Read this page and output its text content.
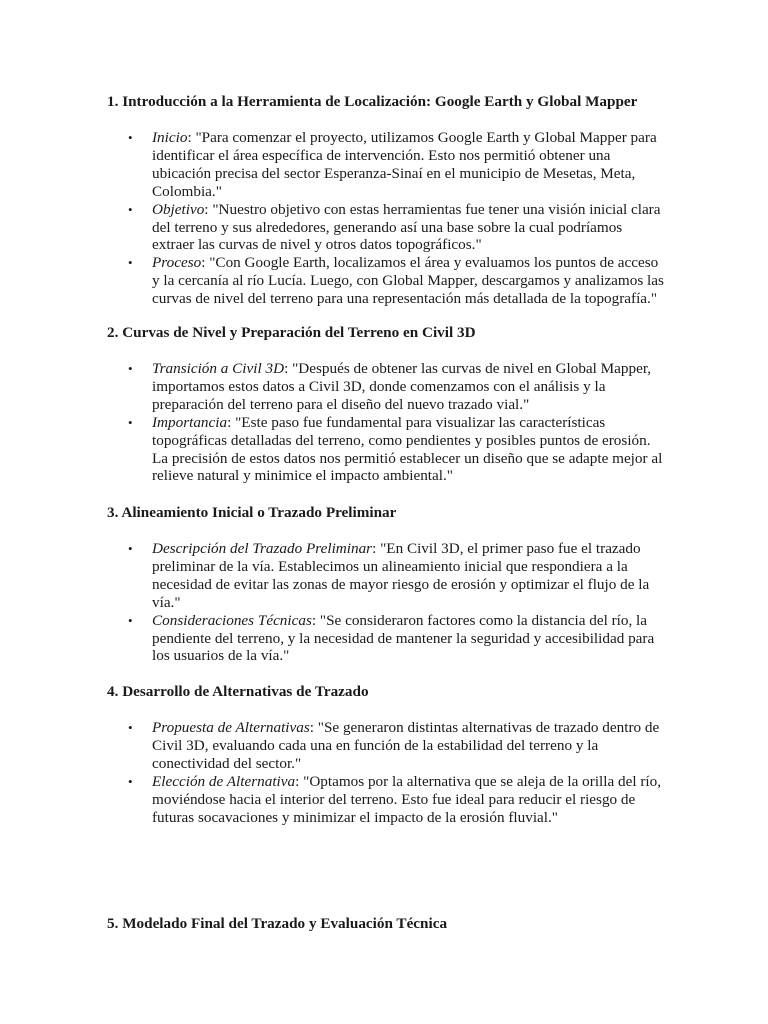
1. Introducción a la Herramienta de Localización: Google Earth y Global Mapper
• Inicio: "Para comenzar el proyecto, utilizamos Google Earth y Global Mapper para identificar el área específica de intervención. Esto nos permitió obtener una ubicación precisa del sector Esperanza-Sinaí en el municipio de Mesetas, Meta, Colombia."
• Objetivo: "Nuestro objetivo con estas herramientas fue tener una visión inicial clara del terreno y sus alrededores, generando así una base sobre la cual podríamos extraer las curvas de nivel y otros datos topográficos."
• Proceso: "Con Google Earth, localizamos el área y evaluamos los puntos de acceso y la cercanía al río Lucía. Luego, con Global Mapper, descargamos y analizamos las curvas de nivel del terreno para una representación más detallada de la topografía."
2. Curvas de Nivel y Preparación del Terreno en Civil 3D
• Transición a Civil 3D: "Después de obtener las curvas de nivel en Global Mapper, importamos estos datos a Civil 3D, donde comenzamos con el análisis y la preparación del terreno para el diseño del nuevo trazado vial."
• Importancia: "Este paso fue fundamental para visualizar las características topográficas detalladas del terreno, como pendientes y posibles puntos de erosión. La precisión de estos datos nos permitió establecer un diseño que se adapte mejor al relieve natural y minimice el impacto ambiental."
3. Alineamiento Inicial o Trazado Preliminar
• Descripción del Trazado Preliminar: "En Civil 3D, el primer paso fue el trazado preliminar de la vía. Establecimos un alineamiento inicial que respondiera a la necesidad de evitar las zonas de mayor riesgo de erosión y optimizar el flujo de la vía."
• Consideraciones Técnicas: "Se consideraron factores como la distancia del río, la pendiente del terreno, y la necesidad de mantener la seguridad y accesibilidad para los usuarios de la vía."
4. Desarrollo de Alternativas de Trazado
• Propuesta de Alternativas: "Se generaron distintas alternativas de trazado dentro de Civil 3D, evaluando cada una en función de la estabilidad del terreno y la conectividad del sector."
• Elección de Alternativa: "Optamos por la alternativa que se aleja de la orilla del río, moviéndose hacia el interior del terreno. Esto fue ideal para reducir el riesgo de futuras socavaciones y minimizar el impacto de la erosión fluvial."
5. Modelado Final del Trazado y Evaluación Técnica
